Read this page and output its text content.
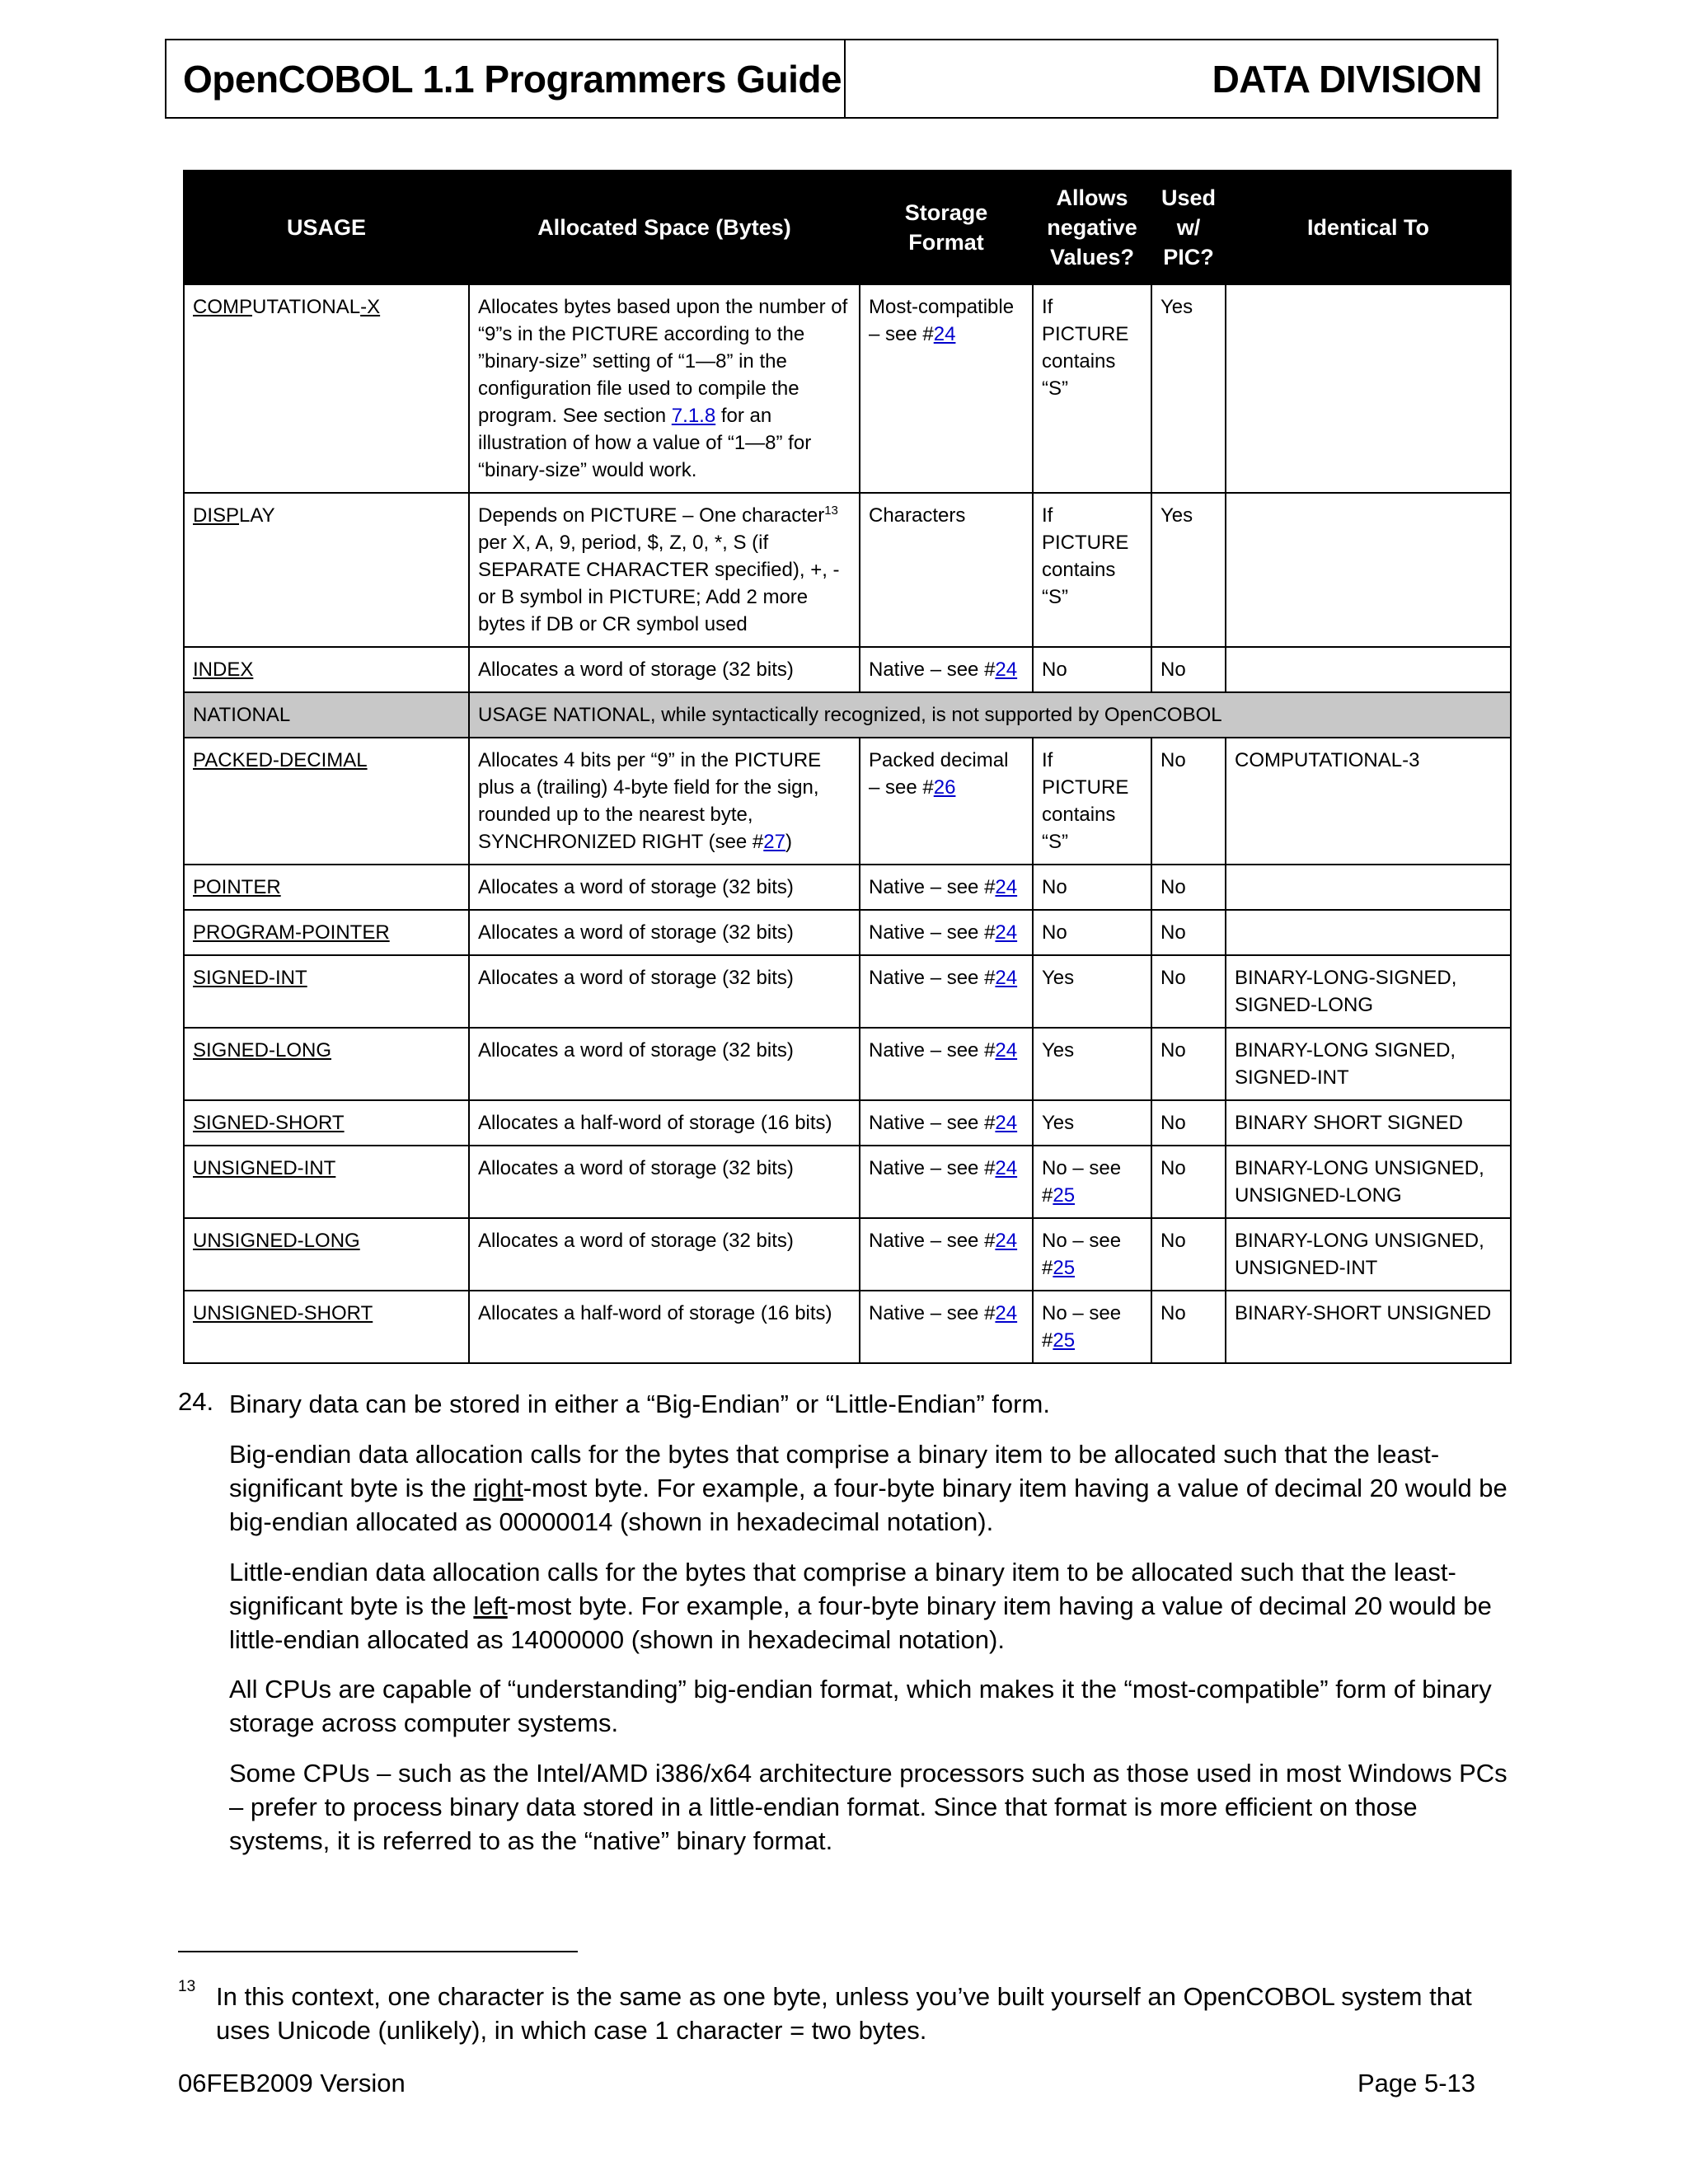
OpenCOBOL 1.1 Programmers Guide	DATA DIVISION
USAGE	Allocated Space (Bytes)	Storage Format	Allows negative Values?	Used w/ PIC?	Identical To
COMPUTATIONAL-X	Allocates bytes based upon the number of “9”s in the PICTURE according to the ”binary-size” setting of “1—8” in the configuration file used to compile the program. See section 7.1.8 for an illustration of how a value of “1—8” for “binary-size” would work.	Most-compatible – see #24	If PICTURE contains “S”	Yes	
DISPLAY	Depends on PICTURE – One character$^{13}$ per X, A, 9, period, $, Z, 0, *, S (if SEPARATE CHARACTER specified), +, - or B symbol in PICTURE; Add 2 more bytes if DB or CR symbol used	Characters	If PICTURE contains “S”	Yes	
INDEX	Allocates a word of storage (32 bits)	Native – see #24	No	No	
NATIONAL	USAGE NATIONAL, while syntactically recognized, is not supported by OpenCOBOL				
PACKED-DECIMAL	Allocates 4 bits per “9” in the PICTURE plus a (trailing) 4-byte field for the sign, rounded up to the nearest byte, SYNCHRONIZED RIGHT (see #27)	Packed decimal – see #26	If PICTURE contains “S”	No	COMPUTATIONAL-3
POINTER	Allocates a word of storage (32 bits)	Native – see #24	No	No	
PROGRAM-POINTER	Allocates a word of storage (32 bits)	Native – see #24	No	No	
SIGNED-INT	Allocates a word of storage (32 bits)	Native – see #24	Yes	No	BINARY-LONG-SIGNED, SIGNED-LONG
SIGNED-LONG	Allocates a word of storage (32 bits)	Native – see #24	Yes	No	BINARY-LONG SIGNED, SIGNED-INT
SIGNED-SHORT	Allocates a half-word of storage (16 bits)	Native – see #24	Yes	No	BINARY SHORT SIGNED
UNSIGNED-INT	Allocates a word of storage (32 bits)	Native – see #24	No – see #25	No	BINARY-LONG UNSIGNED, UNSIGNED-LONG
UNSIGNED-LONG	Allocates a word of storage (32 bits)	Native – see #24	No – see #25	No	BINARY-LONG UNSIGNED, UNSIGNED-INT
UNSIGNED-SHORT	Allocates a half-word of storage (16 bits)	Native – see #24	No – see #25	No	BINARY-SHORT UNSIGNED
24. Binary data can be stored in either a “Big-Endian” or “Little-Endian” form.

Big-endian data allocation calls for the bytes that comprise a binary item to be allocated such that the least-significant byte is the right-most byte. For example, a four-byte binary item having a value of decimal 20 would be big-endian allocated as 00000014 (shown in hexadecimal notation).

Little-endian data allocation calls for the bytes that comprise a binary item to be allocated such that the least-significant byte is the left-most byte. For example, a four-byte binary item having a value of decimal 20 would be little-endian allocated as 14000000 (shown in hexadecimal notation).

All CPUs are capable of “understanding” big-endian format, which makes it the “most-compatible” form of binary storage across computer systems.

Some CPUs – such as the Intel/AMD i386/x64 architecture processors such as those used in most Windows PCs – prefer to process binary data stored in a little-endian format. Since that format is more efficient on those systems, it is referred to as the “native” binary format.

13 In this context, one character is the same as one byte, unless you’ve built yourself an OpenCOBOL system that uses Unicode (unlikely), in which case 1 character = two bytes.

06FEB2009 Version	Page 5-13
